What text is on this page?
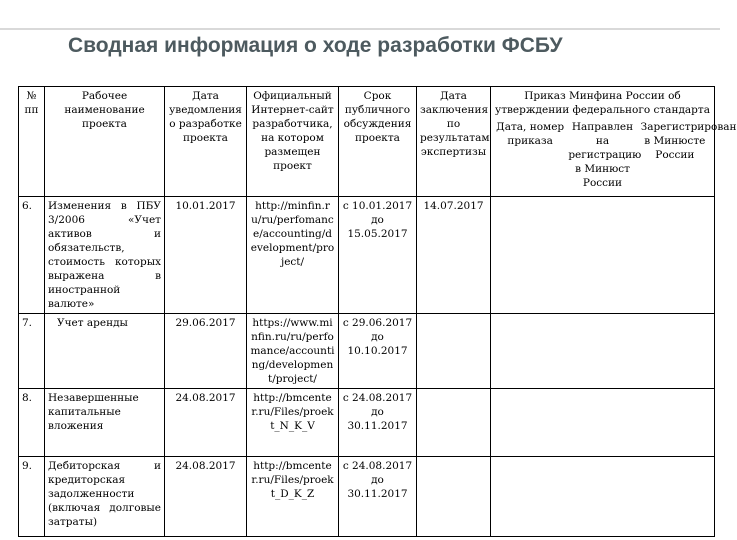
Сводная информация о ходе разработки ФСБУ
№ пп	Рабочее наименование проекта	Дата уведомления о разработке проекта	Официальный Интернет-сайт разработчика, на котором размещен проект	Срок публичного обсуждения проекта	Дата заключения по результатам экспертизы	
Приказ Минфина России об утверждении федерального стандарта
Дата, номер приказа	Направлен на регистрацию в Минюст России	Зарегистрирован в Минюсте России

6.	Изменения в ПБУ 3/2006 «Учет активов и обязательств, стоимость которых выражена в иностранной валюте»	10.01.2017	http://minfin.ru/ru/perfomance/accounting/development/project/	с 10.01.2017 до 15.05.2017	14.07.2017	
7.	Учет аренды	29.06.2017	https://www.minfin.ru/ru/perfomance/accounting/development/project/	с 29.06.2017 до 10.10.2017		
8.	Незавершенные капитальные вложения	24.08.2017	http://bmcenter.ru/Files/proekt_N_K_V	с 24.08.2017 до 30.11.2017		
9.	Дебиторская и кредиторская задолженности (включая долговые затраты)	24.08.2017	http://bmcenter.ru/Files/proekt_D_K_Z	с 24.08.2017 до 30.11.2017		
